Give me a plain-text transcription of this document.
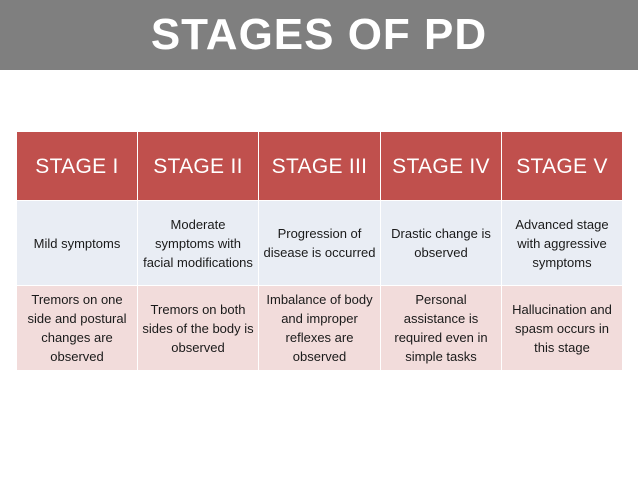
STAGES OF PD
STAGE I	STAGE II	STAGE III	STAGE IV	STAGE V
Mild symptoms	Moderate symptoms with facial modifications	Progression of disease is occurred	Drastic change is observed	Advanced stage with aggressive symptoms
Tremors on one side and postural changes are observed	Tremors on both sides of the body is observed	Imbalance of body and improper reflexes are observed	Personal assistance is required even in simple tasks	Hallucination and spasm occurs in this stage
